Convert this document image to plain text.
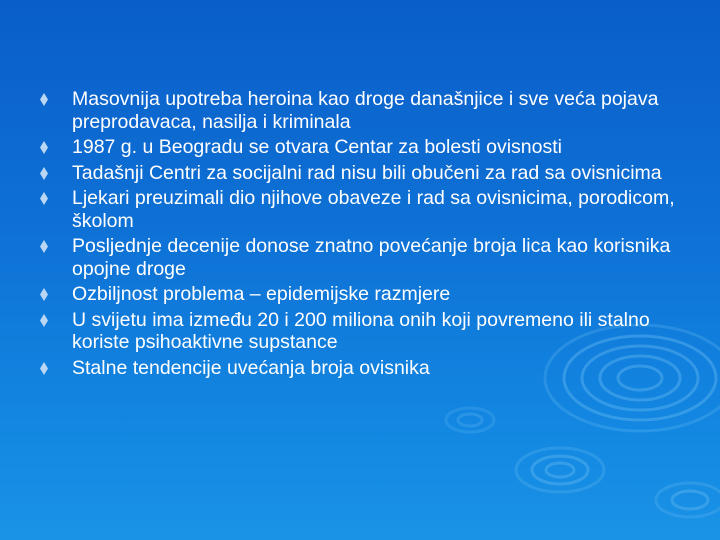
Masovnija upotreba heroina kao droge današnjice i sve veća pojava preprodavaca, nasilja i kriminala
1987 g. u Beogradu se otvara Centar za bolesti ovisnosti
Tadašnji Centri za socijalni rad nisu bili obučeni za rad sa ovisnicima
Ljekari preuzimali dio njihove obaveze i rad sa ovisnicima, porodicom, školom
Posljednje decenije donose znatno povećanje broja lica kao korisnika opojne droge
Ozbiljnost problema – epidemijske razmjere
U svijetu ima između 20 i 200 miliona onih koji povremeno ili stalno koriste psihoaktivne supstance
Stalne tendencije uvećanja broja ovisnika
